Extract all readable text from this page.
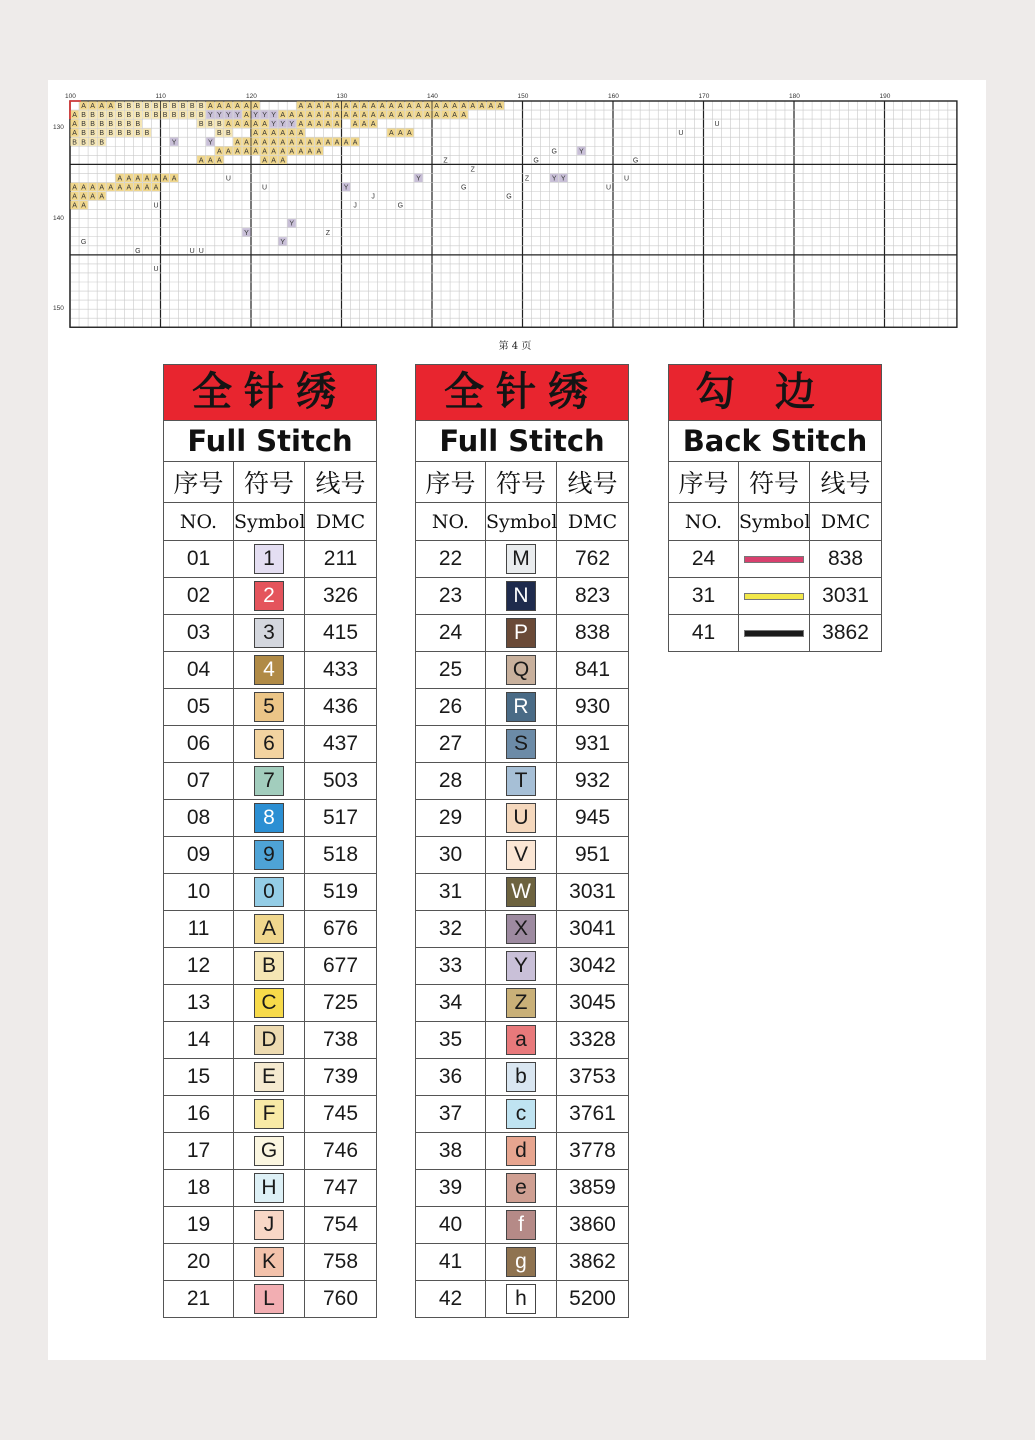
A A A A B B B B B B B B B B A A A A A A	A A A A A A A A A A A A A A A A A A A A A A A
A B B B B B B B B B B B B B B Y Y Y Y A Y Y Y A A A A A A A A A A A A A A A A A A A A A
A B B B B B B B	B B B A A A A A Y Y Y A A A A A A A A
A B B B B B B B B	B B	A A A A A A	A A A	U
B B B B	Y	Y	A A A A A A A A A A A A A A
A A A A A A A A A A A A	G	Y
A A A	A A A	Z	G	G
Z
A A A A A A A	U	Y	Z	Y Y
A A A A A A A A A A	U	Y	G	U
A A A A	J	G
A A	U	J	G
Y
Y	Z
G	Y
G	U U
U
U
U
100	110	120	130	140	150	160	170	180	190
130
140
150
第 4 页
全针绣		
Full Stitch		
序号	符号	线号
NO.	Symbol	DMC
01	1	211
02	2	326
03	3	415
04	4	433
05	5	436
06	6	437
07	7	503
08	8	517
09	9	518
10	0	519
11	A	676
12	B	677
13	C	725
14	D	738
15	E	739
16	F	745
17	G	746
18	H	747
19	J	754
20	K	758
21	L	760
全针绣		
Full Stitch		
序号	符号	线号
NO.	Symbol	DMC
22	M	762
23	N	823
24	P	838
25	Q	841
26	R	930
27	S	931
28	T	932
29	U	945
30	V	951
31	W	3031
32	X	3041
33	Y	3042
34	Z	3045
35	a	3328
36	b	3753
37	c	3761
38	d	3778
39	e	3859
40	f	3860
41	g	3862
42	h	5200
勾边		
Back Stitch		
序号	符号	线号
NO.	Symbol	DMC
24		838
31		3031
41		3862
